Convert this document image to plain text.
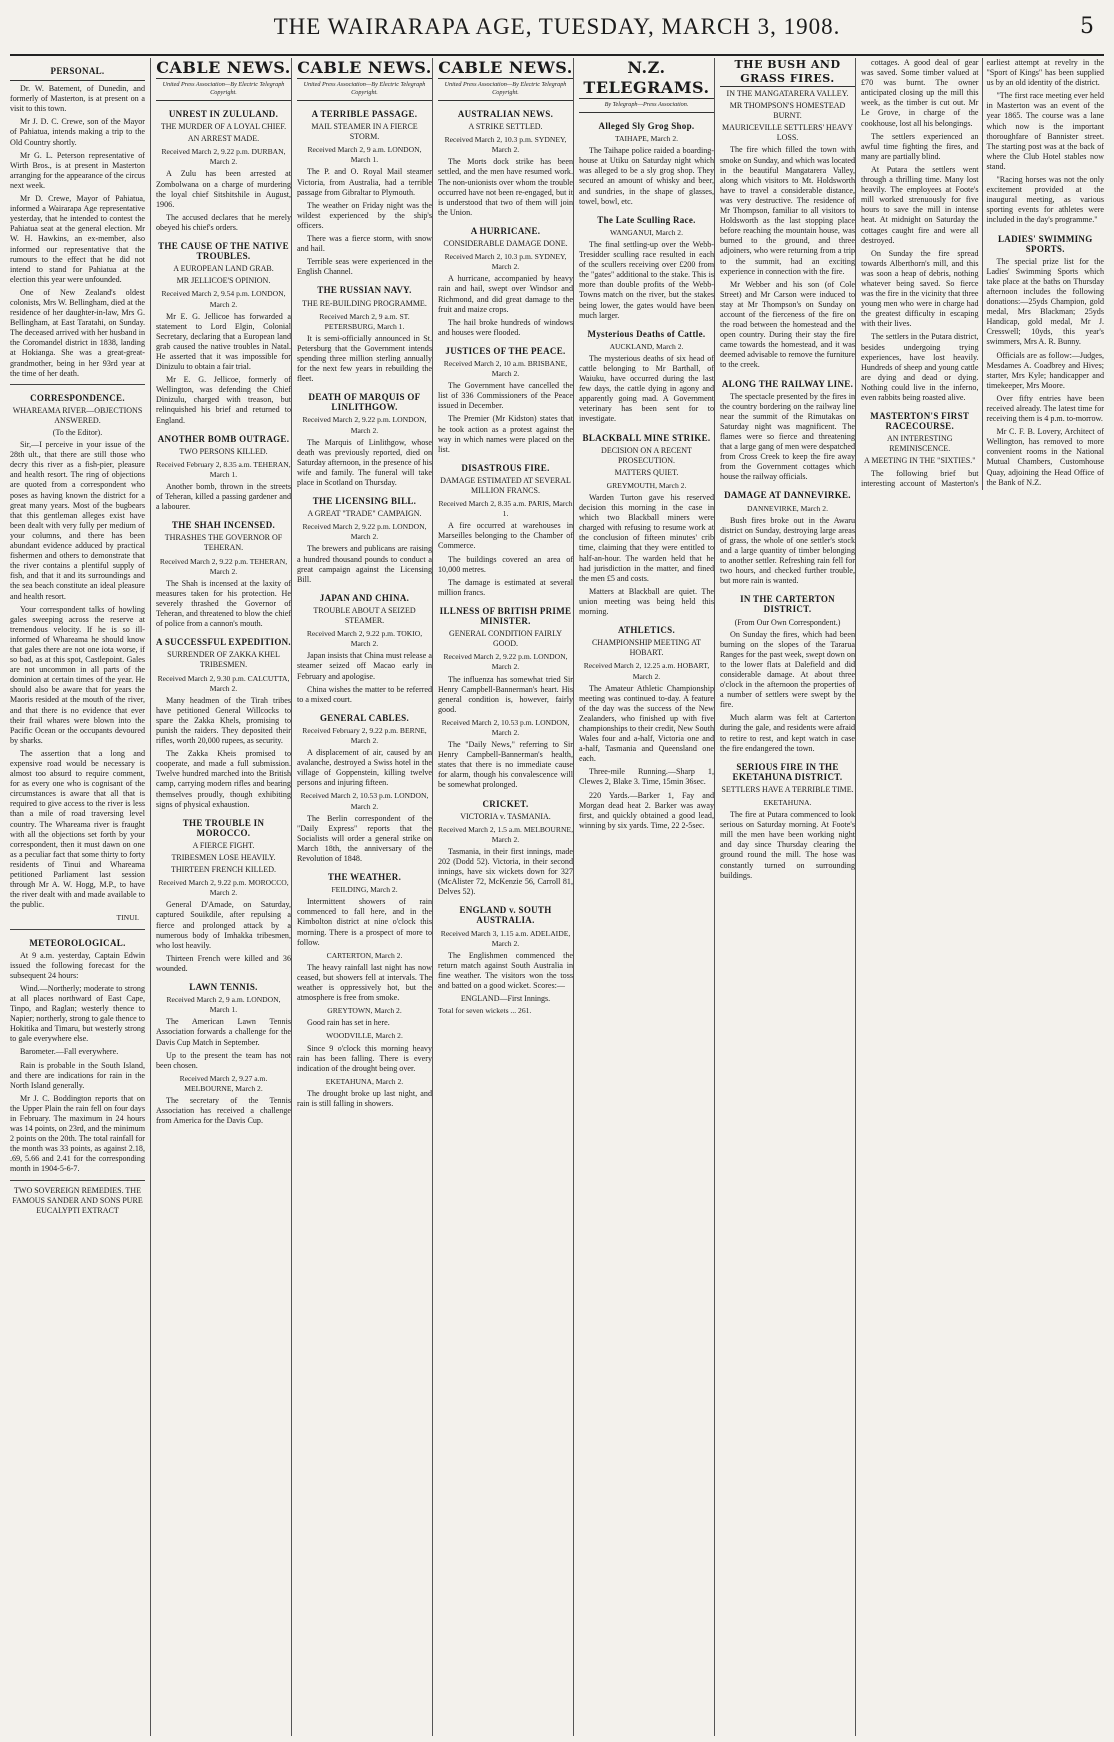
THE WAIRARAPA AGE, TUESDAY, MARCH 3, 1908.	5
PERSONAL.

Dr. W. Batement, of Dunedin, and formerly of Masterton, is at present on a visit to this town.

Mr J. D. C. Crewe, son of the Mayor of Pahiatua, intends making a trip to the Old Country shortly.

Mr G. L. Peterson representative of Wirth Bros., is at present in Masterton arranging for the appearance of the circus next week.

Mr D. Crewe, Mayor of Pahiatua, informed a Wairarapa Age representative yesterday, that he intended to contest the Pahiatua seat at the general election. Mr W. H. Hawkins, an ex-member, also informed our representative that the rumours to the effect that he did not intend to stand for Pahiatua at the election this year were unfounded.

One of New Zealand's oldest colonists, Mrs W. Bellingham, died at the residence of her daughter-in-law, Mrs G. Bellingham, at East Taratahi, on Sunday. The deceased arrived with her husband in the Coromandel district in 1838, landing at Hokianga. She was a great-great-grandmother, being in her 93rd year at the time of her death.

CORRESPONDENCE.
WHAREAMA RIVER—OBJECTIONS ANSWERED.
(To the Editor).

Sir,—I perceive in your issue of the 28th ult., that there are still those who decry this river as a fish-pier, pleasure and health resort. The ring of objections are quoted from a correspondent who poses as having known the district for a great many years. Most of the bugbears that this gentleman alleges exist have been dealt with very fully per medium of your columns, and there has been abundant evidence adduced by practical fishermen and others to demonstrate that the river contains a plentiful supply of fish, and that it and its surroundings and the sea beach constitute an ideal pleasure and health resort.

Your correspondent talks of howling gales sweeping across the reserve at tremendous velocity. If he is so ill-informed of Whareama he should know that gales there are not one iota worse, if so bad, as at this spot, Castlepoint. Gales are not uncommon in all parts of the dominion at certain times of the year. He should also be aware that for years the Maoris resided at the mouth of the river, and that there is no evidence that ever their frail whares were blown into the Pacific Ocean or the occupants devoured by sharks.

The assertion that a long and expensive road would be necessary is almost too absurd to require comment, for as every one who is cognisant of the circumstances is aware that all that is required to give access to the river is less than a mile of road traversing level country. The Whareama river is fraught with all the objections set forth by your correspondent, then it must dawn on one as a peculiar fact that some thirty to forty residents of Tinui and Whareama petitioned Parliament last session through Mr A. W. Hogg, M.P., to have the river dealt with and made available to the public.

TINUI.
METEOROLOGICAL.

At 9 a.m. yesterday, Captain Edwin issued the following forecast for the subsequent 24 hours:

Wind.—Northerly; moderate to strong at all places northward of East Cape, Tinpo, and Raglan; westerly thence to Napier; northerly, strong to gale thence to Hokitika and Timaru, but westerly strong to gale everywhere else.

Barometer.—Fall everywhere.

Rain is probable in the South Island, and there are indications for rain in the North Island generally.

Mr J. C. Boddington reports that on the Upper Plain the rain fell on four days in February. The maximum in 24 hours was 14 points, on 23rd, and the minimum 2 points on the 20th. The total rainfall for the month was 33 points, as against 2.18, .69, 5.66 and 2.41 for the corresponding month in 1904-5-6-7.

TWO SOVEREIGN REMEDIES. THE FAMOUS SANDER AND SONS PURE EUCALYPTI EXTRACT
CABLE NEWS.
United Press Association—By Electric Telegraph Copyright.
UNREST IN ZULULAND.
THE MURDER OF A LOYAL CHIEF.
AN ARREST MADE.
Received March 2, 9.22 p.m. DURBAN, March 2.

A Zulu has been arrested at Zombolwana on a charge of murdering the loyal chief Sitshitshile in August, 1906.

The accused declares that he merely obeyed his chief's orders.

THE CAUSE OF THE NATIVE TROUBLES.
A EUROPEAN LAND GRAB.
MR JELLICOE'S OPINION.
Received March 2, 9.54 p.m. LONDON, March 2.

Mr E. G. Jellicoe has forwarded a statement to Lord Elgin, Colonial Secretary, declaring that a European land grab caused the native troubles in Natal. He asserted that it was impossible for Dinizulu to obtain a fair trial.

Mr E. G. Jellicoe, formerly of Wellington, was defending the Chief Dinizulu, charged with treason, but relinquished his brief and returned to England.

ANOTHER BOMB OUTRAGE.
TWO PERSONS KILLED.
Received February 2, 8.35 a.m. TEHERAN, March 1.

Another bomb, thrown in the streets of Teheran, killed a passing gardener and a labourer.

THE SHAH INCENSED.
THRASHES THE GOVERNOR OF TEHERAN.
Received March 2, 9.22 p.m. TEHERAN, March 2.

The Shah is incensed at the laxity of measures taken for his protection. He severely thrashed the Governor of Teheran, and threatened to blow the chief of police from a cannon's mouth.

A SUCCESSFUL EXPEDITION.
SURRENDER OF ZAKKA KHEL TRIBESMEN.
Received March 2, 9.30 p.m. CALCUTTA, March 2.

Many headmen of the Tirah tribes have petitioned General Willcocks to spare the Zakka Khels, promising to punish the raiders. They deposited their rifles, worth 20,000 rupees, as security.

The Zakka Kheis promised to cooperate, and made a full submission. Twelve hundred marched into the British camp, carrying modern rifles and bearing themselves proudly, though exhibiting signs of physical exhaustion.

THE TROUBLE IN MOROCCO.
A FIERCE FIGHT.
TRIBESMEN LOSE HEAVILY.
THIRTEEN FRENCH KILLED.
Received March 2, 9.22 p.m. MOROCCO, March 2.

General D'Amade, on Saturday, captured Souikdile, after repulsing a fierce and prolonged attack by a numerous body of Imhakka tribesmen, who lost heavily.

Thirteen French were killed and 36 wounded.

LAWN TENNIS.
Received March 2, 9 a.m. LONDON, March 1.

The American Lawn Tennis Association forwards a challenge for the Davis Cup Match in September.

Up to the present the team has not been chosen.

Received March 2, 9.27 a.m. MELBOURNE, March 2.

The secretary of the Tennis Association has received a challenge from America for the Davis Cup.

CABLE NEWS.
United Press Association—By Electric Telegraph Copyright.
A TERRIBLE PASSAGE.
MAIL STEAMER IN A FIERCE STORM.
Received March 2, 9 a.m. LONDON, March 1.

The P. and O. Royal Mail steamer Victoria, from Australia, had a terrible passage from Gibraltar to Plymouth.

The weather on Friday night was the wildest experienced by the ship's officers.

There was a fierce storm, with snow and hail.

Terrible seas were experienced in the English Channel.

THE RUSSIAN NAVY.
THE RE-BUILDING PROGRAMME.
Received March 2, 9 a.m. ST. PETERSBURG, March 1.

It is semi-officially announced in St. Petersburg that the Government intends spending three million sterling annually for the next few years in rebuilding the fleet.

DEATH OF MARQUIS OF LINLITHGOW.
Received March 2, 9.22 p.m. LONDON, March 2.

The Marquis of Linlithgow, whose death was previously reported, died on Saturday afternoon, in the presence of his wife and family. The funeral will take place in Scotland on Thursday.

THE LICENSING BILL.
A GREAT "TRADE" CAMPAIGN.
Received March 2, 9.22 p.m. LONDON, March 2.

The brewers and publicans are raising a hundred thousand pounds to conduct a great campaign against the Licensing Bill.

JAPAN AND CHINA.
TROUBLE ABOUT A SEIZED STEAMER.
Received March 2, 9.22 p.m. TOKIO, March 2.

Japan insists that China must release a steamer seized off Macao early in February and apologise.

China wishes the matter to be referred to a mixed court.

GENERAL CABLES.
Received February 2, 9.22 p.m. BERNE, March 2.

A displacement of air, caused by an avalanche, destroyed a Swiss hotel in the village of Goppenstein, killing twelve persons and injuring fifteen.

Received March 2, 10.53 p.m. LONDON, March 2.

The Berlin correspondent of the "Daily Express" reports that the Socialists will order a general strike on March 18th, the anniversary of the Revolution of 1848.

THE WEATHER.
FEILDING, March 2.

Intermittent showers of rain commenced to fall here, and in the Kimbolton district at nine o'clock this morning. There is a prospect of more to follow.

CARTERTON, March 2.

The heavy rainfall last night has now ceased, but showers fell at intervals. The weather is oppressively hot, but the atmosphere is free from smoke.

GREYTOWN, March 2.

Good rain has set in here.

WOODVILLE, March 2.

Since 9 o'clock this morning heavy rain has been falling. There is every indication of the drought being over.

EKETAHUNA, March 2.

The drought broke up last night, and rain is still falling in showers.

CABLE NEWS.
United Press Association—By Electric Telegraph Copyright.
AUSTRALIAN NEWS.
A STRIKE SETTLED.
Received March 2, 10.3 p.m. SYDNEY, March 2.

The Morts dock strike has been settled, and the men have resumed work. The non-unionists over whom the trouble occurred have not been re-engaged, but it is understood that two of them will join the Union.

A HURRICANE.
CONSIDERABLE DAMAGE DONE.
Received March 2, 10.3 p.m. SYDNEY, March 2.

A hurricane, accompanied by heavy rain and hail, swept over Windsor and Richmond, and did great damage to the fruit and maize crops.

The hail broke hundreds of windows and houses were flooded.

JUSTICES OF THE PEACE.
Received March 2, 10 a.m. BRISBANE, March 2.

The Government have cancelled the list of 336 Commissioners of the Peace issued in December.

The Premier (Mr Kidston) states that he took action as a protest against the way in which names were placed on the list.

DISASTROUS FIRE.
DAMAGE ESTIMATED AT SEVERAL MILLION FRANCS.
Received March 2, 8.35 a.m. PARIS, March 1.

A fire occurred at warehouses in Marseilles belonging to the Chamber of Commerce.

The buildings covered an area of 10,000 metres.

The damage is estimated at several million francs.

ILLNESS OF BRITISH PRIME MINISTER.
GENERAL CONDITION FAIRLY GOOD.
Received March 2, 9.22 p.m. LONDON, March 2.

The influenza has somewhat tried Sir Henry Campbell-Bannerman's heart. His general condition is, however, fairly good.

Received March 2, 10.53 p.m. LONDON, March 2.

The "Daily News," referring to Sir Henry Campbell-Bannerman's health, states that there is no immediate cause for alarm, though his convalescence will be somewhat prolonged.

CRICKET.
VICTORIA v. TASMANIA.
Received March 2, 1.5 a.m. MELBOURNE, March 2.

Tasmania, in their first innings, made 202 (Dodd 52). Victoria, in their second innings, have six wickets down for 327 (McAlister 72, McKenzie 56, Carroll 81, Delves 52).

ENGLAND v. SOUTH AUSTRALIA.
Received March 3, 1.15 a.m. ADELAIDE, March 2.

The Englishmen commenced the return match against South Australia in fine weather. The visitors won the toss and batted on a good wicket. Scores:—

ENGLAND—First Innings.
Total for seven wickets ... 261.
N.Z. TELEGRAMS.
By Telegraph—Press Association.
Alleged Sly Grog Shop.
TAIHAPE, March 2.

The Taihape police raided a boarding-house at Utiku on Saturday night which was alleged to be a sly grog shop. They secured an amount of whisky and beer, and sundries, in the shape of glasses, towel, bowl, etc.

The Late Sculling Race.
WANGANUI, March 2.

The final settling-up over the Webb-Tresidder sculling race resulted in each of the scullers receiving over £200 from the "gates" additional to the stake. This is more than double profits of the Webb-Towns match on the river, but the stakes being lower, the gates would have been much larger.

Mysterious Deaths of Cattle.
AUCKLAND, March 2.

The mysterious deaths of six head of cattle belonging to Mr Barthall, of Waiuku, have occurred during the last few days, the cattle dying in agony and apparently going mad. A Government veterinary has been sent for to investigate.

BLACKBALL MINE STRIKE.
DECISION ON A RECENT PROSECUTION.
MATTERS QUIET.
GREYMOUTH, March 2.

Warden Turton gave his reserved decision this morning in the case in which two Blackball miners were charged with refusing to resume work at the conclusion of fifteen minutes' crib time, claiming that they were entitled to half-an-hour. The warden held that he had jurisdiction in the matter, and fined the men £5 and costs.

Matters at Blackball are quiet. The union meeting was being held this morning.

ATHLETICS.
CHAMPIONSHIP MEETING AT HOBART.
Received March 2, 12.25 a.m. HOBART, March 2.

The Amateur Athletic Championship meeting was continued to-day. A feature of the day was the success of the New Zealanders, who finished up with five championships to their credit, New South Wales four and a-half, Victoria one and a-half, Tasmania and Queensland one each.

Three-mile Running.—Sharp 1, Clewes 2, Blake 3. Time, 15min 36sec.

220 Yards.—Barker 1, Fay and Morgan dead heat 2. Barker was away first, and quickly obtained a good lead, winning by six yards. Time, 22 2-5sec.

THE BUSH AND GRASS FIRES.
IN THE MANGATARERA VALLEY.
MR THOMPSON'S HOMESTEAD BURNT.
MAURICEVILLE SETTLERS' HEAVY LOSS.

The fire which filled the town with smoke on Sunday, and which was located in the beautiful Mangatarera Valley, along which visitors to Mt. Holdsworth have to travel a considerable distance, was very destructive. The residence of Mr Thompson, familiar to all visitors to Holdsworth as the last stopping place before reaching the mountain house, was burned to the ground, and three adjoiners, who were returning from a trip to the summit, had an exciting experience in connection with the fire.

Mr Webber and his son (of Cole Street) and Mr Carson were induced to stay at Mr Thompson's on Sunday on account of the fierceness of the fire on the road between the homestead and the open country. During their stay the fire came towards the homestead, and it was deemed advisable to remove the furniture to the creek.

ALONG THE RAILWAY LINE.

The spectacle presented by the fires in the country bordering on the railway line near the summit of the Rimutakas on Saturday night was magnificent. The flames were so fierce and threatening that a large gang of men were despatched from Cross Creek to keep the fire away from the Government cottages which house the railway officials.

DAMAGE AT DANNEVIRKE.
DANNEVIRKE, March 2.

Bush fires broke out in the Awaru district on Sunday, destroying large areas of grass, the whole of one settler's stock and a large quantity of timber belonging to another settler. Refreshing rain fell for two hours, and checked further trouble, but more rain is wanted.

IN THE CARTERTON DISTRICT.
(From Our Own Correspondent.)

On Sunday the fires, which had been burning on the slopes of the Tararua Ranges for the past week, swept down on to the lower flats at Dalefield and did considerable damage. At about three o'clock in the afternoon the properties of a number of settlers were swept by the fire.

Much alarm was felt at Carterton during the gale, and residents were afraid to retire to rest, and kept watch in case the fire endangered the town.

SERIOUS FIRE IN THE EKETAHUNA DISTRICT.
SETTLERS HAVE A TERRIBLE TIME.
EKETAHUNA.

The fire at Putara commenced to look serious on Saturday morning. At Foote's mill the men have been working night and day since Thursday clearing the ground round the mill. The hose was constantly turned on surrounding buildings.

cottages. A good deal of gear was saved. Some timber valued at £70 was burnt. The owner anticipated closing up the mill this week, as the timber is cut out. Mr Le Grove, in charge of the cookhouse, lost all his belongings.

The settlers experienced an awful time fighting the fires, and many are partially blind.

At Putara the settlers went through a thrilling time. Many lost heavily. The employees at Foote's mill worked strenuously for five hours to save the mill in intense heat. At midnight on Saturday the cottages caught fire and were all destroyed.

On Sunday the fire spread towards Alberthorn's mill, and this was soon a heap of debris, nothing whatever being saved. So fierce was the fire in the vicinity that three young men who were in charge had the greatest difficulty in escaping with their lives.

The settlers in the Putara district, besides undergoing trying experiences, have lost heavily. Hundreds of sheep and young cattle are dying and dead or dying. Nothing could live in the inferno, even rabbits being roasted alive.

MASTERTON'S FIRST RACECOURSE.
AN INTERESTING REMINISCENCE.
A MEETING IN THE "SIXTIES."

The following brief but interesting account of Masterton's earliest attempt at revelry in the "Sport of Kings" has been supplied us by an old identity of the district.

"The first race meeting ever held in Masterton was an event of the year 1865. The course was a lane which now is the important thoroughfare of Bannister street. The starting post was at the back of where the Club Hotel stables now stand.

"Racing horses was not the only excitement provided at the inaugural meeting, as various sporting events for athletes were included in the day's programme."

LADIES' SWIMMING SPORTS.

The special prize list for the Ladies' Swimming Sports which take place at the baths on Thursday afternoon includes the following donations:—25yds Champion, gold medal, Mrs Blackman; 25yds Handicap, gold medal, Mr J. Cresswell; 10yds, this year's swimmers, Mrs A. R. Bunny.

Officials are as follow:—Judges, Mesdames A. Coadbrey and Hives; starter, Mrs Kyle; handicapper and timekeeper, Mrs Moore.

Over fifty entries have been received already. The latest time for receiving them is 4 p.m. to-morrow.

Mr C. F. B. Lovery, Architect of Wellington, has removed to more convenient rooms in the National Mutual Chambers, Customhouse Quay, adjoining the Head Office of the Bank of N.Z.
